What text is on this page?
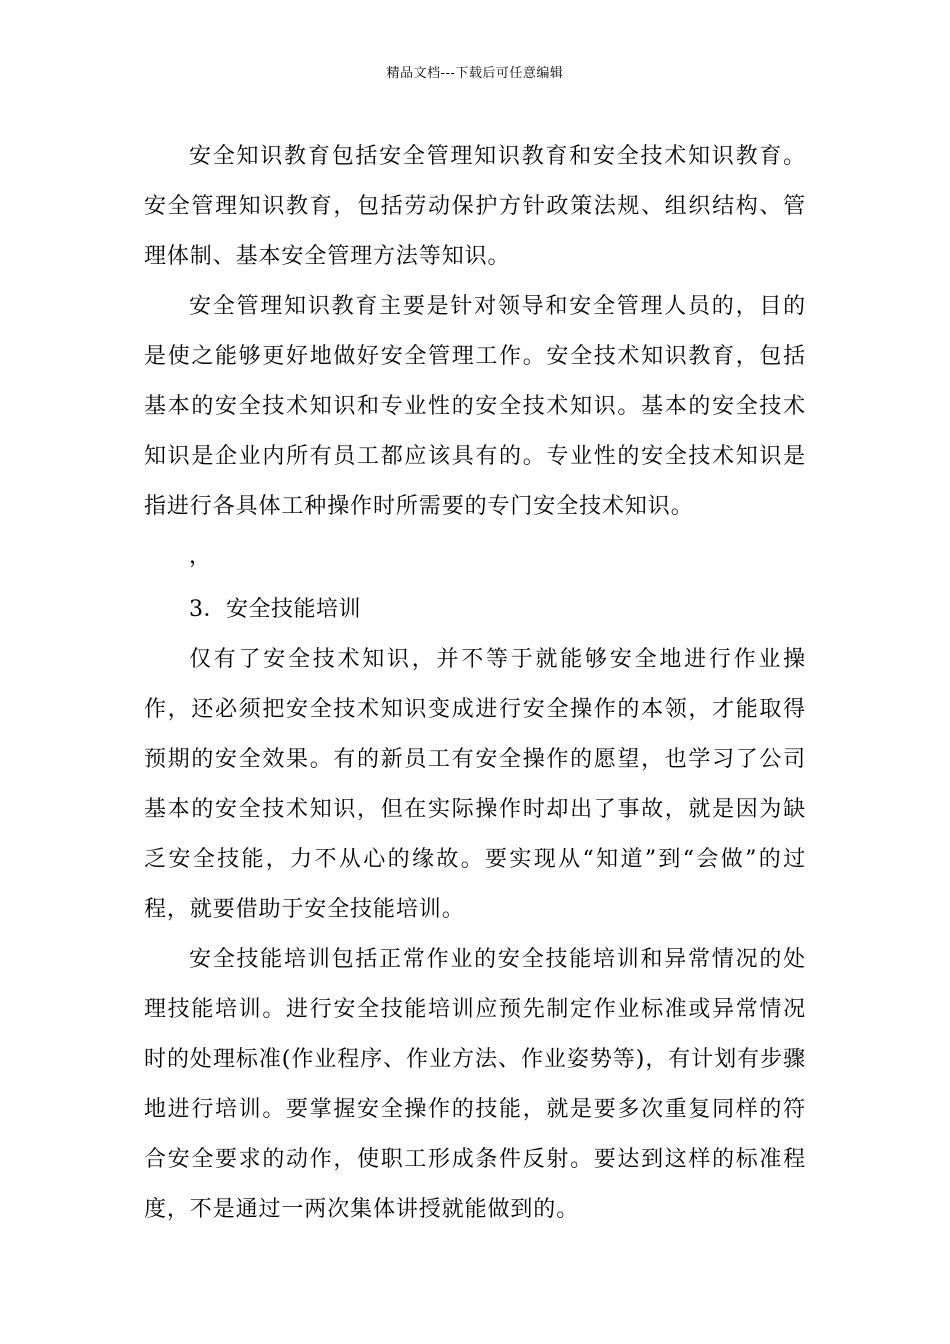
精品文档---下载后可任意编辑

安全知识教育包括安全管理知识教育和安全技术知识教育。安全管理知识教育，包括劳动保护方针政策法规、组织结构、管理体制、基本安全管理方法等知识。

安全管理知识教育主要是针对领导和安全管理人员的，目的是使之能够更好地做好安全管理工作。安全技术知识教育，包括基本的安全技术知识和专业性的安全技术知识。基本的安全技术知识是企业内所有员工都应该具有的。专业性的安全技术知识是指进行各具体工种操作时所需要的专门安全技术知识。

，

3．安全技能培训

仅有了安全技术知识，并不等于就能够安全地进行作业操作，还必须把安全技术知识变成进行安全操作的本领，才能取得预期的安全效果。有的新员工有安全操作的愿望，也学习了公司基本的安全技术知识，但在实际操作时却出了事故，就是因为缺乏安全技能，力不从心的缘故。要实现从“知道”到“会做”的过程，就要借助于安全技能培训。

安全技能培训包括正常作业的安全技能培训和异常情况的处理技能培训。进行安全技能培训应预先制定作业标准或异常情况时的处理标准(作业程序、作业方法、作业姿势等)，有计划有步骤地进行培训。要掌握安全操作的技能，就是要多次重复同样的符合安全要求的动作，使职工形成条件反射。要达到这样的标准程度，不是通过一两次集体讲授就能做到的。
